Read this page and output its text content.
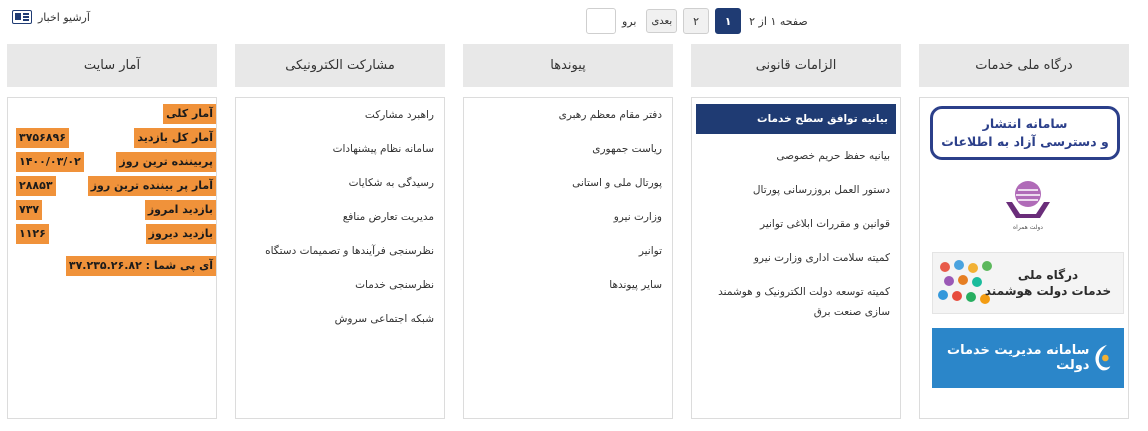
آرشیو اخبار	برو	بعدی	۲	۱	صفحه ۱ از ۲
درگاه ملی خدمات
سامانه انتشار
و دسترسی آزاد به اطلاعات
دولت همراه
درگاه ملی
خدمات دولت هوشمند
سامانه مدیریت خدمات دولت
الزامات قانونی
بیانیه توافق سطح خدمات
بیانیه حفظ حریم خصوصی
دستور العمل بروزرسانی پورتال
قوانین و مقررات ابلاغی توانیر
کمیته سلامت اداری وزارت نیرو
کمیته توسعه دولت الکترونیک و هوشمند سازی صنعت برق
پیوندها
دفتر مقام معظم رهبری
ریاست جمهوری
پورتال ملی و استانی
وزارت نیرو
توانیر
سایر پیوندها
مشارکت الکترونیکی
راهبرد مشارکت
سامانه نظام پیشنهادات
رسیدگی به شکایات
مدیریت تعارض منافع
نظرسنجی فرآیندها و تصمیمات دستگاه
نظرسنجی خدمات
شبکه اجتماعی سروش
آمار سایت
آمار کلی
آمار کل بازدید
۳۷۵۶۸۹۶
پربیننده ترین روز
۱۴۰۰/۰۳/۰۲
آمار پر بیننده ترین روز
۲۸۸۵۳
بازدید امروز
۷۳۷
بازدید دیروز
۱۱۲۶
آی پی شما : ۳۷.۲۳۵.۲۶.۸۲
